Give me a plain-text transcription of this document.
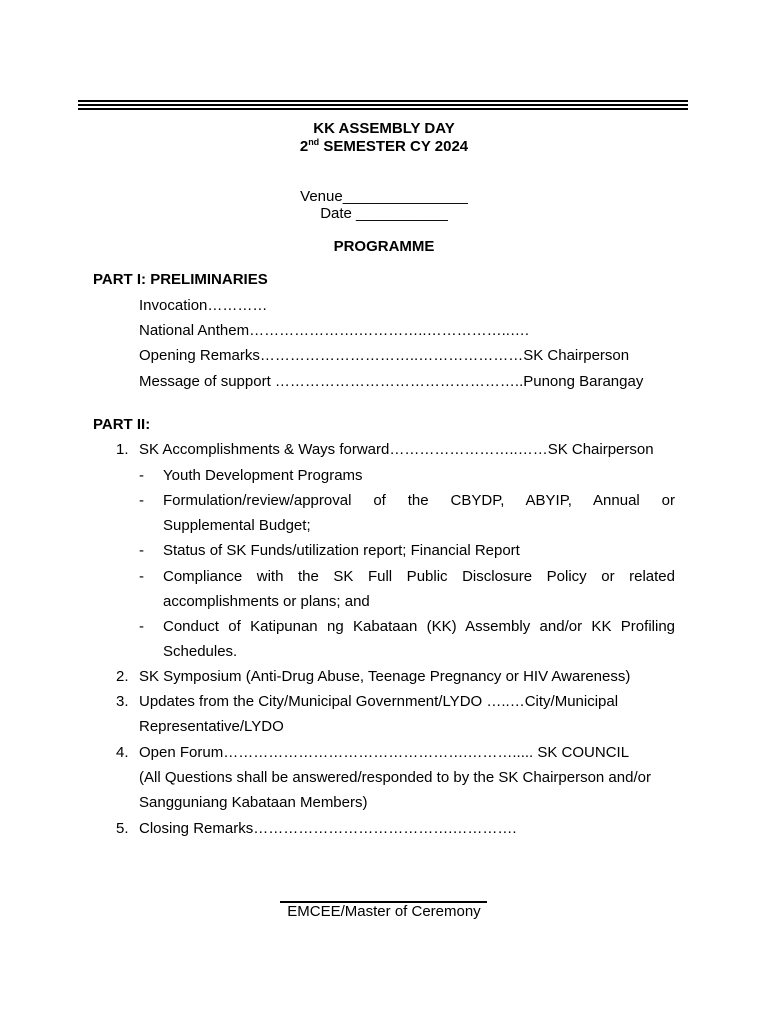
KK ASSEMBLY DAY
2nd SEMESTER CY 2024
Venue_______________
Date ___________
PROGRAMME
PART I: PRELIMINARIES
Invocation…………
National Anthem………………….…………..……………..….
Opening Remarks…………………………..…………………SK Chairperson
Message of support …………………………………………..Punong Barangay
PART II:
1. SK Accomplishments & Ways forward……………………..……SK Chairperson
- Youth Development Programs
- Formulation/review/approval of the CBYDP, ABYIP, Annual or
Supplemental Budget;
- Status of SK Funds/utilization report; Financial Report
- Compliance with the SK Full Public Disclosure Policy or related
accomplishments or plans; and
- Conduct of Katipunan ng Kabataan (KK) Assembly and/or KK Profiling
Schedules.
2. SK Symposium (Anti-Drug Abuse, Teenage Pregnancy or HIV Awareness)
3. Updates from the City/Municipal Government/LYDO …..…City/Municipal
Representative/LYDO
4. Open Forum………………………………………….………..... SK COUNCIL
(All Questions shall be answered/responded to by the SK Chairperson and/or
Sangguniang Kabataan Members)
5. Closing Remarks………………………………….………….
EMCEE/Master of Ceremony
